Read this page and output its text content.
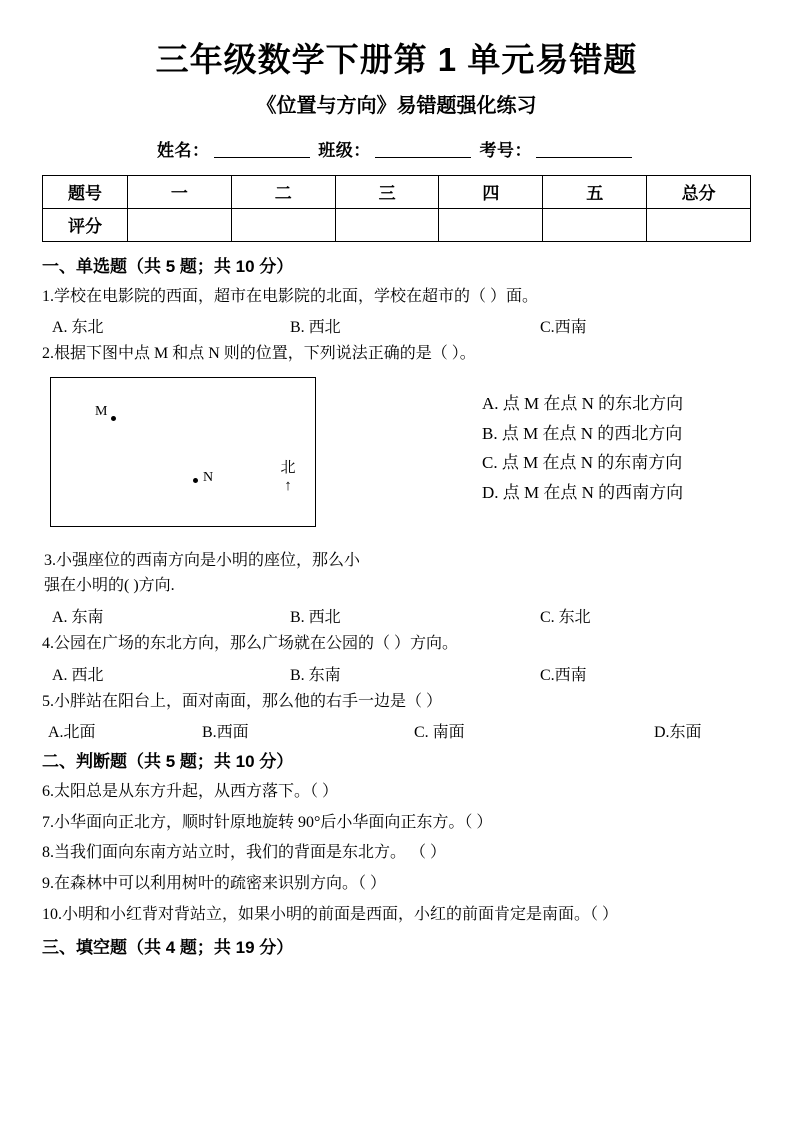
三年级数学下册第 1 单元易错题
《位置与方向》易错题强化练习
姓名：	班级：	考号：
题号	一	二	三	四	五	总分
评分						
一、单选题（共 5 题；共 10 分）
1.学校在电影院的西面，超市在电影院的北面，学校在超市的（ ）面。
A. 东北	B. 西北	C.西南
2.根据下图中点 M 和点 N 则的位置，下列说法正确的是（ ）。
M
N
北
↑
A. 点 M 在点 N 的东北方向
B. 点 M 在点 N 的西北方向
C. 点 M 在点 N 的东南方向
D. 点 M 在点 N 的西南方向
3.小强座位的西南方向是小明的座位，那么小
强在小明的( )方向.
A. 东南	B. 西北	C. 东北
4.公园在广场的东北方向，那么广场就在公园的（ ）方向。
A. 西北	B. 东南	C.西南
5.小胖站在阳台上，面对南面，那么他的右手一边是（ ）
A.北面	B.西面	C. 南面	D.东面
二、判断题（共 5 题；共 10 分）
6.太阳总是从东方升起，从西方落下。（ ）
7.小华面向正北方，顺时针原地旋转 90°后小华面向正东方。（ ）
8.当我们面向东南方站立时，我们的背面是东北方。 （ ）
9.在森林中可以利用树叶的疏密来识别方向。（ ）
10.小明和小红背对背站立，如果小明的前面是西面，小红的前面肯定是南面。（ ）
三、填空题（共 4 题；共 19 分）
